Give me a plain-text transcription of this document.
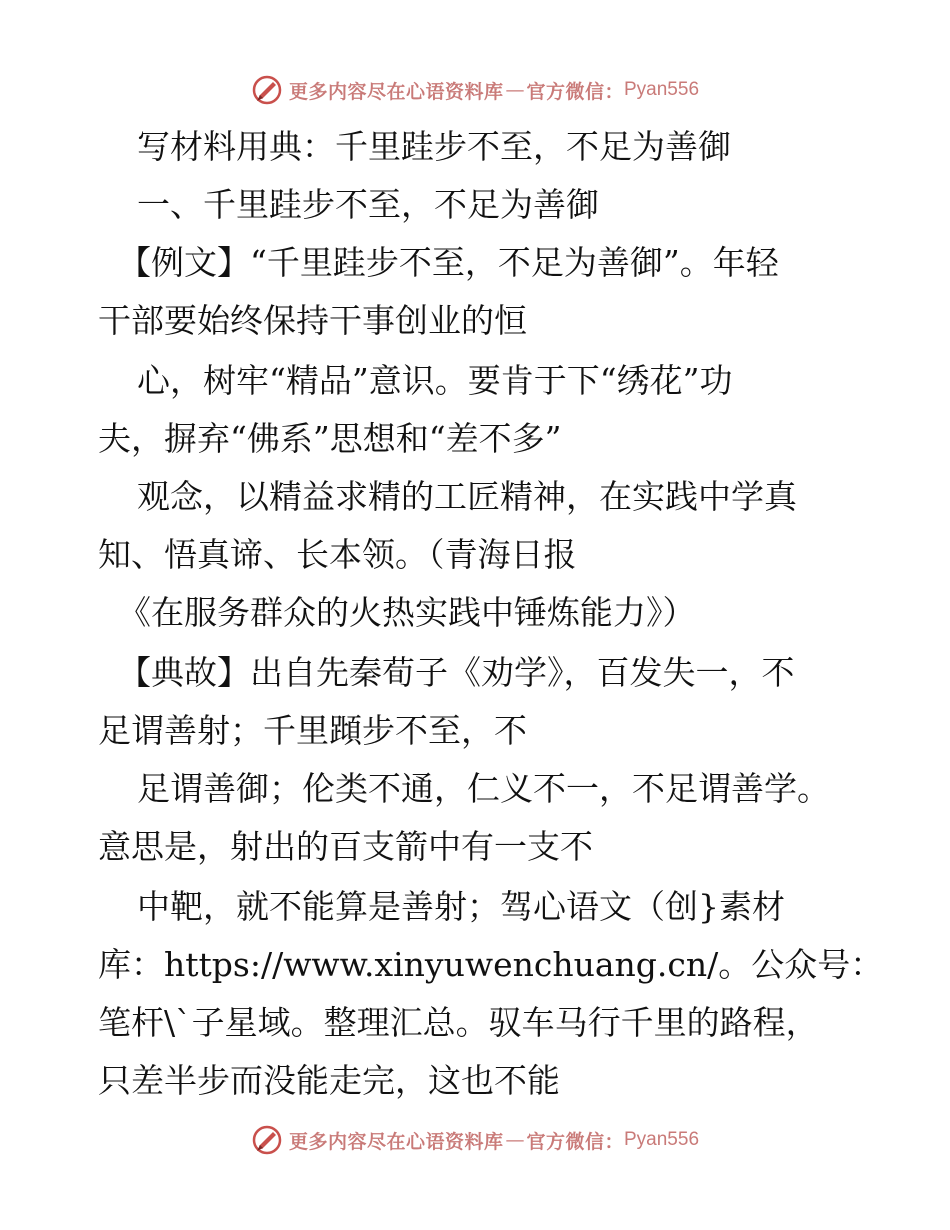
更多内容尽在心语资料库 — 官方微信： Pyan556
写材料用典：千里跬步不至，不足为善御
一、千里跬步不至，不足为善御
【例文】“千里跬步不至，不足为善御”。年轻
干部要始终保持干事创业的恒
心，树牢“精品”意识。要肯于下“绣花”功
夫，摒弃“佛系”思想和“差不多”
观念，以精益求精的工匠精神，在实践中学真
知、悟真谛、长本领。（青海日报
《在服务群众的火热实践中锤炼能力》）
【典故】出自先秦荀子《劝学》，百发失一，不
足谓善射；千里蹞步不至，不
足谓善御；伦类不通，仁义不一，不足谓善学。
意思是，射出的百支箭中有一支不
中靶，就不能算是善射；驾心语文（创}素材
库：https://www.xinyuwenchuang.cn/。公众号：
笔杆\`子星域。整理汇总。驭车马行千里的路程，
只差半步而没能走完，这也不能
更多内容尽在心语资料库 — 官方微信： Pyan556
